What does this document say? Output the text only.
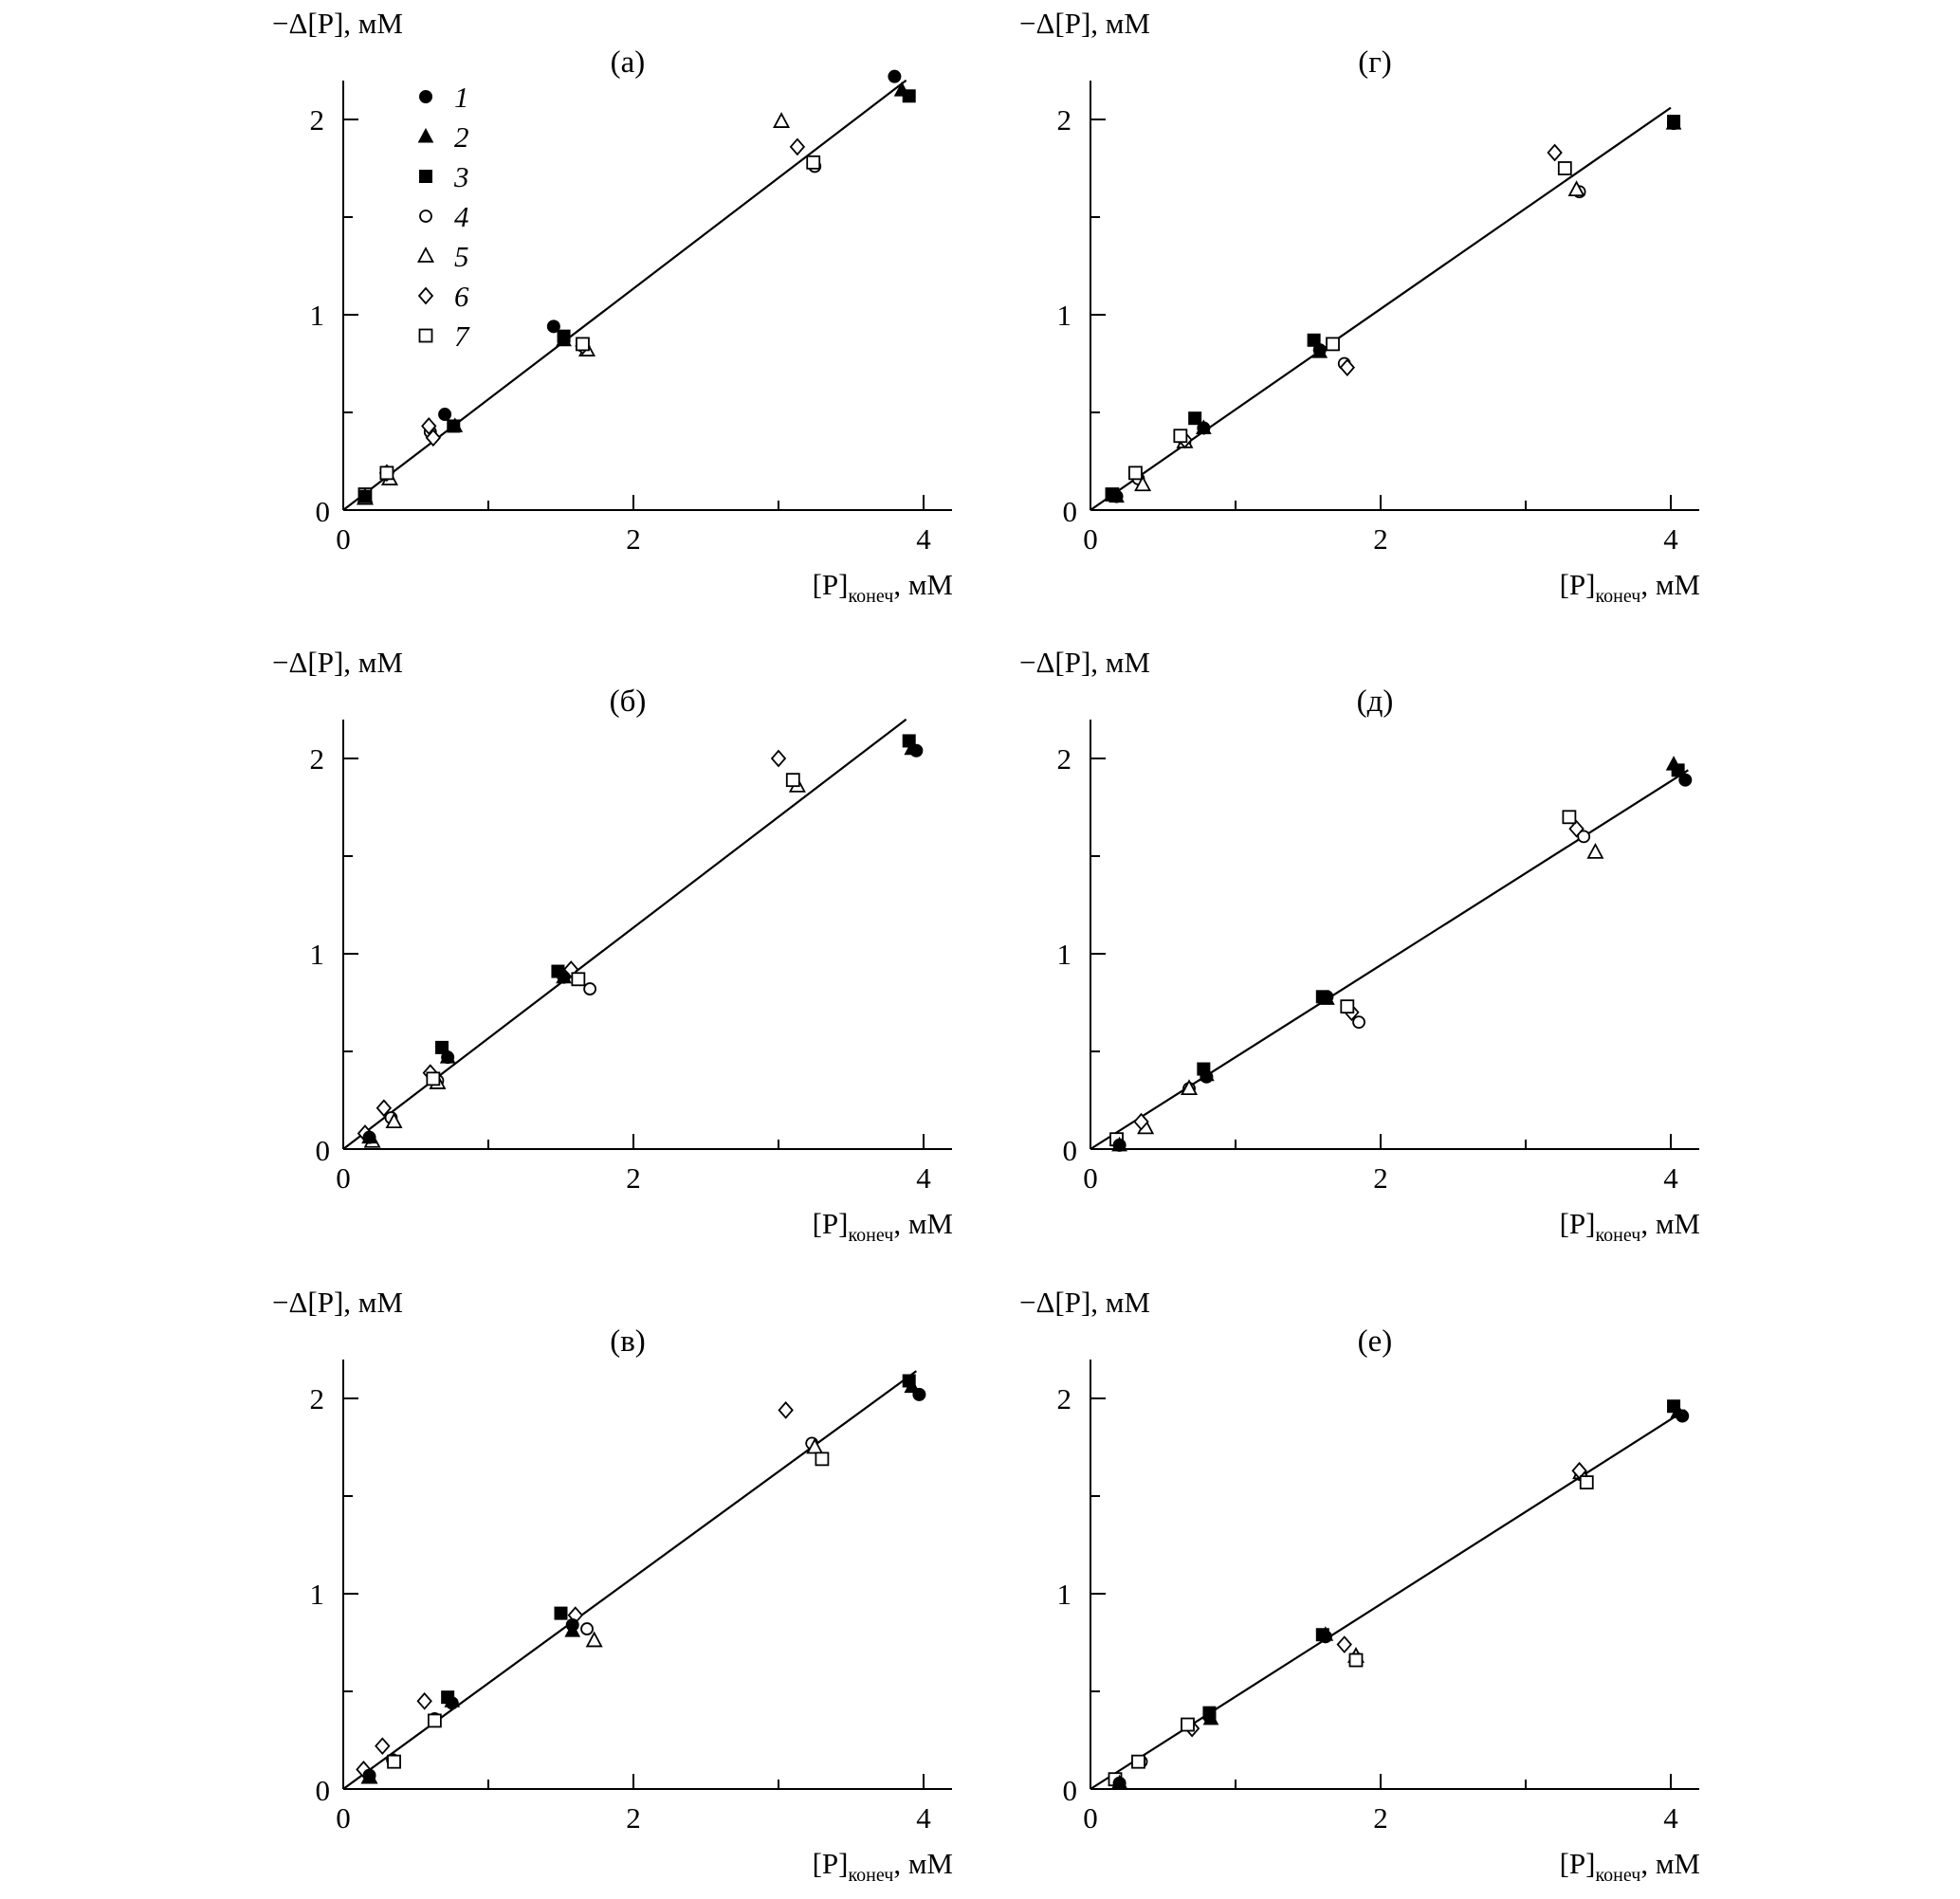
0	2	4
0
1
2
−Δ[P], мМ
(а)
$[P]_{конеч}$, мМ
0	2	4
0
1
2
−Δ[P], мМ
(г)
$[P]_{конеч}$, мМ
0	2	4
0
1
2
−Δ[P], мМ
(б)
$[P]_{конеч}$, мМ
0	2	4
0
1
2
−Δ[P], мМ
(д)
$[P]_{конеч}$, мМ
0	2	4
0
1
2
−Δ[P], мМ
(в)
$[P]_{конеч}$, мМ
0	2	4
0
1
2
−Δ[P], мМ
(е)
$[P]_{конеч}$, мМ
1
2
3
4
5
6
7
